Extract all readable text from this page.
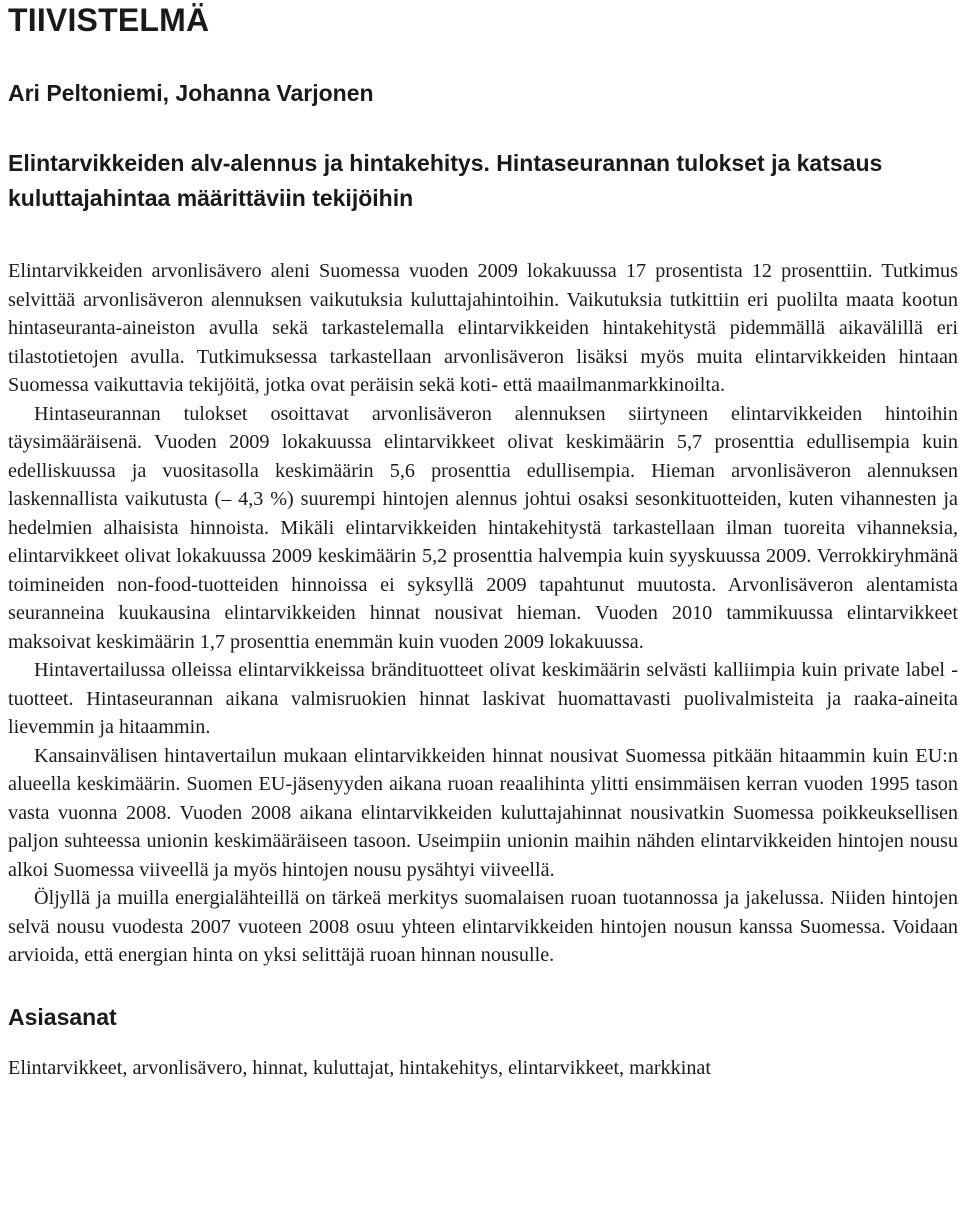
TIIVISTELMÄ
Ari Peltoniemi, Johanna Varjonen
Elintarvikkeiden alv-alennus ja hintakehitys. Hintaseurannan tulokset ja katsaus kuluttajahintaa määrittäviin tekijöihin

Elintarvikkeiden arvonlisävero aleni Suomessa vuoden 2009 lokakuussa 17 prosentista 12 prosenttiin. Tutkimus selvittää arvonlisäveron alennuksen vaikutuksia kuluttajahintoihin. Vaikutuksia tutkittiin eri puolilta maata kootun hintaseuranta-aineiston avulla sekä tarkastelemalla elintarvikkeiden hintakehitystä pidemmällä aikavälillä eri tilastotietojen avulla. Tutkimuksessa tarkastellaan arvonlisäveron lisäksi myös muita elintarvikkeiden hintaan Suomessa vaikuttavia tekijöitä, jotka ovat peräisin sekä koti- että maailmanmarkkinoilta.

Hintaseurannan tulokset osoittavat arvonlisäveron alennuksen siirtyneen elintarvikkeiden hintoihin täysimääräisenä. Vuoden 2009 lokakuussa elintarvikkeet olivat keskimäärin 5,7 prosenttia edullisempia kuin edelliskuussa ja vuositasolla keskimäärin 5,6 prosenttia edullisempia. Hieman arvonlisäveron alennuksen laskennallista vaikutusta (– 4,3 %) suurempi hintojen alennus johtui osaksi sesonkituotteiden, kuten vihannesten ja hedelmien alhaisista hinnoista. Mikäli elintarvikkeiden hintakehitystä tarkastellaan ilman tuoreita vihanneksia, elintarvikkeet olivat lokakuussa 2009 keskimäärin 5,2 prosenttia halvempia kuin syyskuussa 2009. Verrokkiryhmänä toimineiden non-food-tuotteiden hinnoissa ei syksyllä 2009 tapahtunut muutosta. Arvonlisäveron alentamista seuranneina kuukausina elintarvikkeiden hinnat nousivat hieman. Vuoden 2010 tammikuussa elintarvikkeet maksoivat keskimäärin 1,7 prosenttia enemmän kuin vuoden 2009 lokakuussa.

Hintavertailussa olleissa elintarvikkeissa brändituotteet olivat keskimäärin selvästi kalliimpia kuin private label -tuotteet. Hintaseurannan aikana valmisruokien hinnat laskivat huomattavasti puolivalmisteita ja raaka-aineita lievemmin ja hitaammin.

Kansainvälisen hintavertailun mukaan elintarvikkeiden hinnat nousivat Suomessa pitkään hitaammin kuin EU:n alueella keskimäärin. Suomen EU-jäsenyyden aikana ruoan reaalihinta ylitti ensimmäisen kerran vuoden 1995 tason vasta vuonna 2008. Vuoden 2008 aikana elintarvikkeiden kuluttajahinnat nousivatkin Suomessa poikkeuksellisen paljon suhteessa unionin keskimääräiseen tasoon. Useimpiin unionin maihin nähden elintarvikkeiden hintojen nousu alkoi Suomessa viiveellä ja myös hintojen nousu pysähtyi viiveellä.

Öljyllä ja muilla energialähteillä on tärkeä merkitys suomalaisen ruoan tuotannossa ja jakelussa. Niiden hintojen selvä nousu vuodesta 2007 vuoteen 2008 osuu yhteen elintarvikkeiden hintojen nousun kanssa Suomessa. Voidaan arvioida, että energian hinta on yksi selittäjä ruoan hinnan nousulle.

Asiasanat
Elintarvikkeet, arvonlisävero, hinnat, kuluttajat, hintakehitys, elintarvikkeet, markkinat
